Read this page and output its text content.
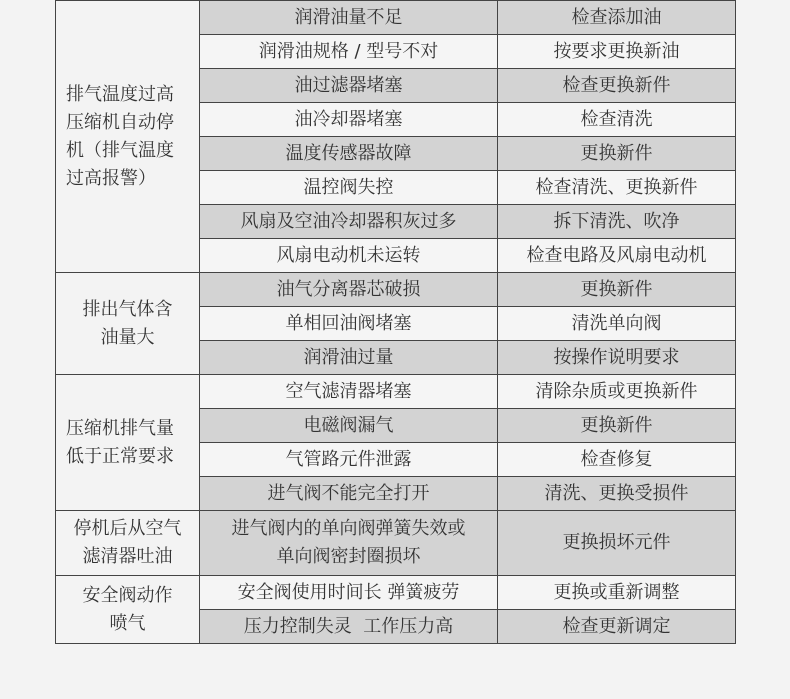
排气温度过高压缩机自动停机（排气温度过高报警）	润滑油量不足	检查添加油
	润滑油规格 / 型号不对	按要求更换新油
	油过滤器堵塞	检查更换新件
	油冷却器堵塞	检查清洗
	温度传感器故障	更换新件
	温控阀失控	检查清洗、更换新件
	风扇及空油冷却器积灰过多	拆下清洗、吹净
	风扇电动机未运转	检查电路及风扇电动机

排出气体含油量大	油气分离器芯破损	更换新件
	单相回油阀堵塞	清洗单向阀
	润滑油过量	按操作说明要求

压缩机排气量低于正常要求	空气滤清器堵塞	清除杂质或更换新件
	电磁阀漏气	更换新件
	气管路元件泄露	检查修复
	进气阀不能完全打开	清洗、更换受损件

停机后从空气滤清器吐油	进气阀内的单向阀弹簧失效或单向阀密封圈损坏	更换损坏元件

安全阀动作喷气	安全阀使用时间长 弹簧疲劳	更换或重新调整
	压力控制失灵  工作压力高	检查更新调定
